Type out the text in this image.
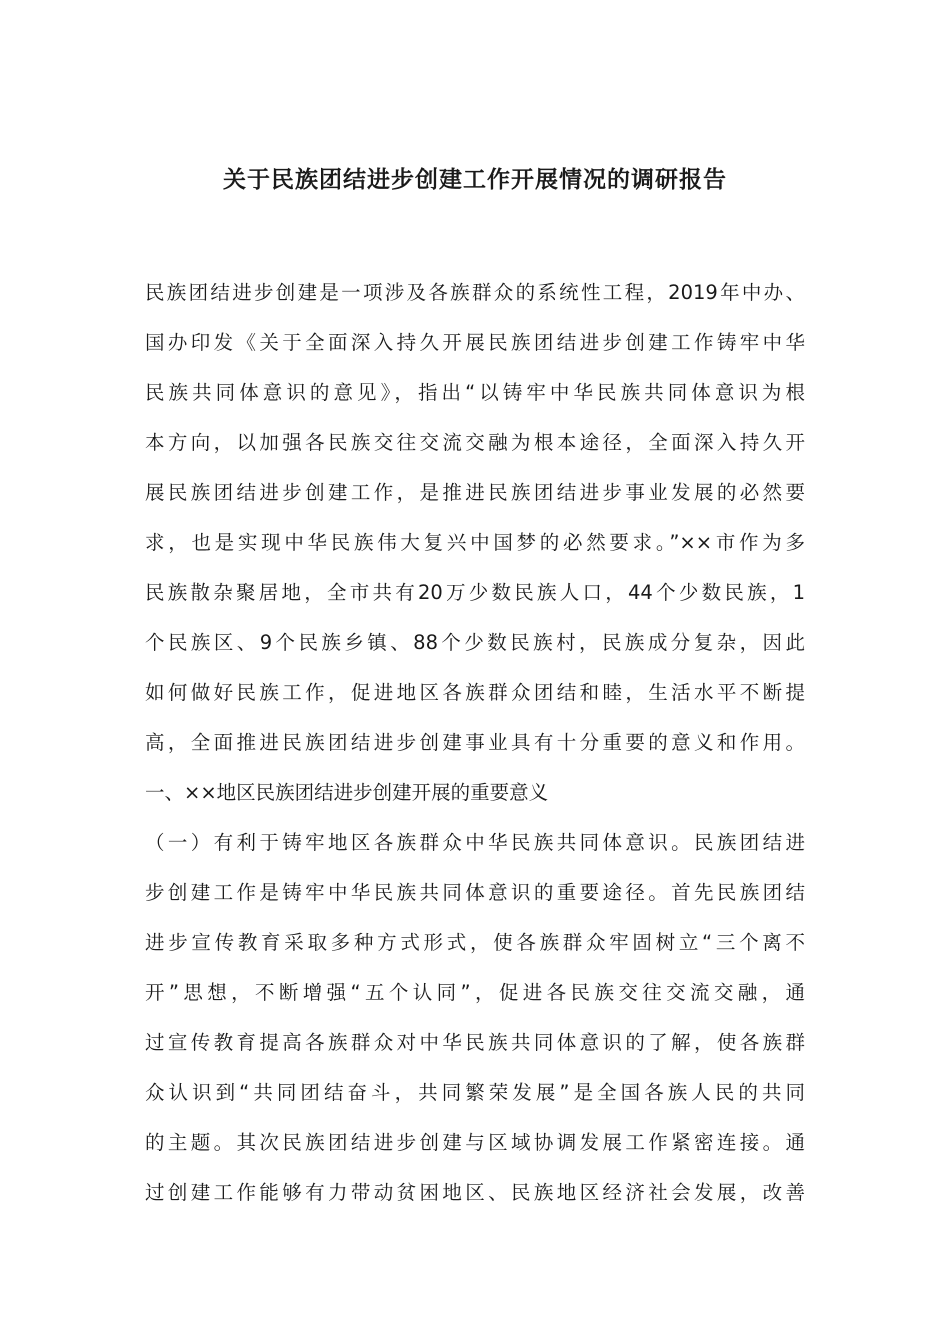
关于民族团结进步创建工作开展情况的调研报告
民族团结进步创建是一项涉及各族群众的系统性工程，2019年中办、
国办印发《关于全面深入持久开展民族团结进步创建工作铸牢中华
民族共同体意识的意见》，指出“以铸牢中华民族共同体意识为根
本方向，以加强各民族交往交流交融为根本途径，全面深入持久开
展民族团结进步创建工作，是推进民族团结进步事业发展的必然要
求，也是实现中华民族伟大复兴中国梦的必然要求。”××市作为多
民族散杂聚居地，全市共有20万少数民族人口，44个少数民族，1
个民族区、9个民族乡镇、88个少数民族村，民族成分复杂，因此
如何做好民族工作，促进地区各族群众团结和睦，生活水平不断提
高，全面推进民族团结进步创建事业具有十分重要的意义和作用。
一、××地区民族团结进步创建开展的重要意义
（一）有利于铸牢地区各族群众中华民族共同体意识。民族团结进
步创建工作是铸牢中华民族共同体意识的重要途径。首先民族团结
进步宣传教育采取多种方式形式，使各族群众牢固树立“三个离不
开”思想，不断增强“五个认同”，促进各民族交往交流交融，通
过宣传教育提高各族群众对中华民族共同体意识的了解，使各族群
众认识到“共同团结奋斗，共同繁荣发展”是全国各族人民的共同
的主题。其次民族团结进步创建与区域协调发展工作紧密连接。通
过创建工作能够有力带动贫困地区、民族地区经济社会发展，改善
